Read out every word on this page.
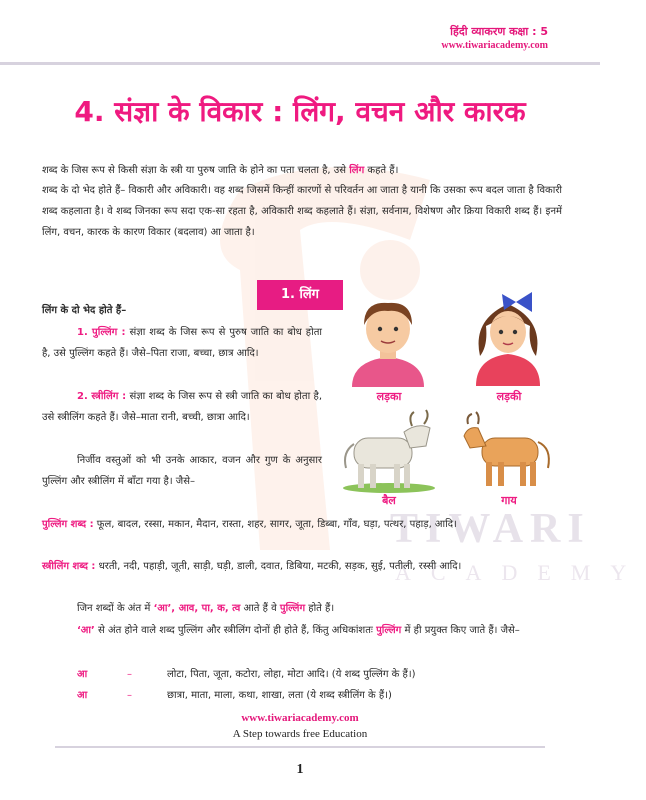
TIWARI
ACADEMY
हिंदी व्याकरण कक्षा : 5
www.tiwariacademy.com
4. संज्ञा के विकार : लिंग, वचन और कारक

शब्द के जिस रूप से किसी संज्ञा के स्त्री या पुरुष जाति के होने का पता चलता है, उसे लिंग कहते हैं।

शब्द के दो भेद होते हैं– विकारी और अविकारी। वह शब्द जिसमें किन्हीं कारणों से परिवर्तन आ जाता है यानी कि उसका रूप बदल जाता है विकारी शब्द कहलाता है। वे शब्द जिनका रूप सदा एक-सा रहता है, अविकारी शब्द कहलाते हैं। संज्ञा, सर्वनाम, विशेषण और क्रिया विकारी शब्द हैं। इनमें लिंग, वचन, कारक के कारण विकार (बदलाव) आ जाता है।

1. लिंग

लिंग के दो भेद होते हैं–

1. पुल्लिंग : संज्ञा शब्द के जिस रूप से पुरुष जाति का बोध होता है, उसे पुल्लिंग कहते हैं। जैसे–पिता राजा, बच्चा, छात्र आदि।

2. स्त्रीलिंग : संज्ञा शब्द के जिस रूप से स्त्री जाति का बोध होता है, उसे स्त्रीलिंग कहते हैं। जैसे–माता रानी, बच्ची, छात्रा आदि।

निर्जीव वस्तुओं को भी उनके आकार, वजन और गुण के अनुसार पुल्लिंग और स्त्रीलिंग में बाँटा गया है। जैसे–

लड़का	लड़की
बैल	गाय

पुल्लिंग शब्द : फूल, बादल, रस्सा, मकान, मैदान, रास्ता, शहर, सागर, जूता, डिब्बा, गाँव, घड़ा, पत्थर, पहाड़, आदि।

स्त्रीलिंग शब्द : धरती, नदी, पहाड़ी, जूती, साड़ी, घड़ी, डाली, दवात, डिबिया, मटकी, सड़क, सुई, पतीली, रस्सी आदि।

जिन शब्दों के अंत में ‘आ’, आव, पा, क, त्व आते हैं वे पुल्लिंग होते हैं।

‘आ’ से अंत होने वाले शब्द पुल्लिंग और स्त्रीलिंग दोनों ही होते हैं, किंतु अधिकांशतः पुल्लिंग में ही प्रयुक्त किए जाते हैं। जैसे–

आ	–	लोटा, पिता, जूता, कटोरा, लोहा, मोटा आदि। (ये शब्द पुल्लिंग के हैं।)
आ	–	छात्रा, माता, माला, कथा, शाखा, लता (ये शब्द स्त्रीलिंग के हैं।)
www.tiwariacademy.com
A Step towards free Education
1
